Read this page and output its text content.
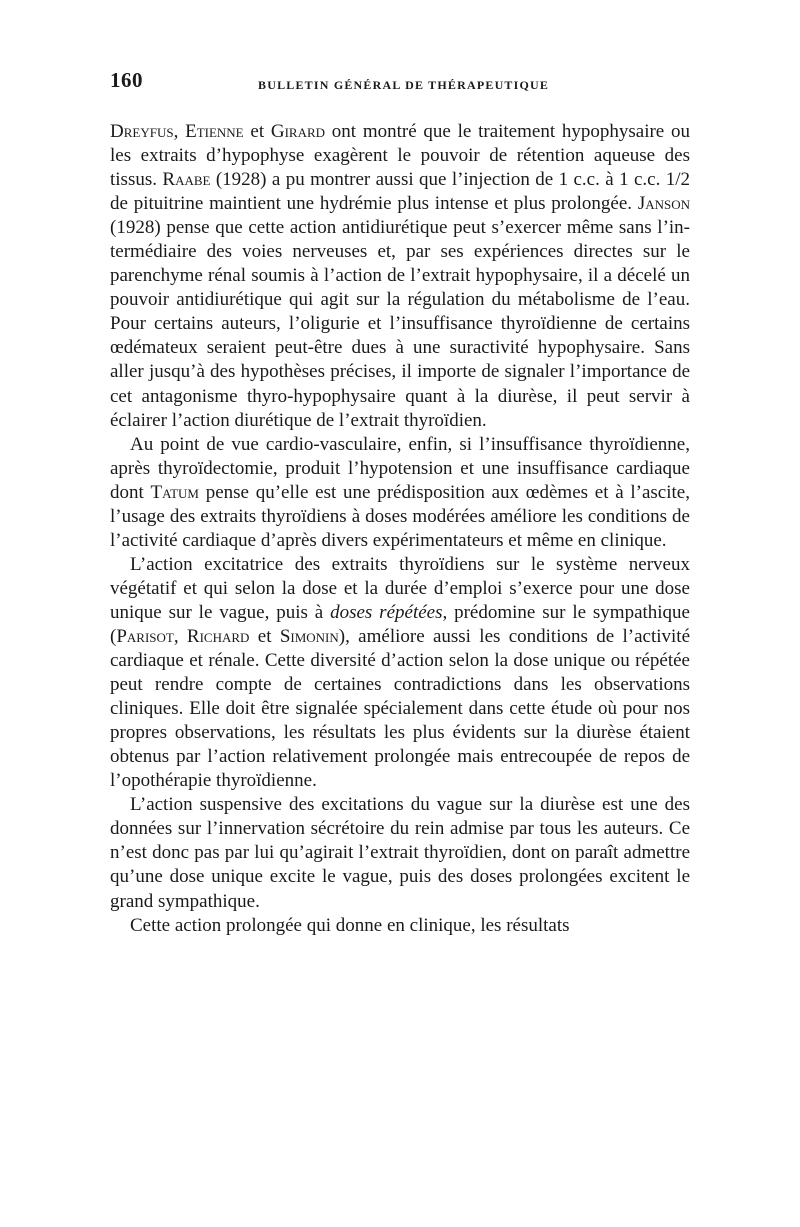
160	BULLETIN GÉNÉRAL DE THÉRAPEUTIQUE

Dreyfus, Etienne et Girard ont montré que le traitement hypophysaire ou les extraits d’hypophyse exagèrent le pouvoir de rétention aqueuse des tissus. Raabe (1928) a pu montrer aussi que l’injection de 1 c.c. à 1 c.c. 1/2 de pituitrine maintient une hydrémie plus intense et plus prolongée. Janson (1928) pense que cette action antidiurétique peut s’exercer même sans l’intermédiaire des voies nerveuses et, par ses expériences directes sur le parenchyme rénal soumis à l’action de l’extrait hypophysaire, il a décelé un pouvoir antidiurétique qui agit sur la régulation du métabolisme de l’eau. Pour certains auteurs, l’oligurie et l’insuffisance thyroïdienne de certains œdémateux seraient peut-être dues à une suractivité hypophysaire. Sans aller jusqu’à des hypothèses précises, il importe de signaler l’importance de cet antagonisme thyro-hypophysaire quant à la diurèse, il peut servir à éclairer l’action diurétique de l’extrait thyroïdien.

Au point de vue cardio-vasculaire, enfin, si l’insuffisance thyroïdienne, après thyroïdectomie, produit l’hypotension et une insuffisance cardiaque dont Tatum pense qu’elle est une prédisposition aux œdèmes et à l’ascite, l’usage des extraits thyroïdiens à doses modérées améliore les conditions de l’activité cardiaque d’après divers expérimentateurs et même en clinique.

L’action excitatrice des extraits thyroïdiens sur le système nerveux végétatif et qui selon la dose et la durée d’emploi s’exerce pour une dose unique sur le vague, puis à doses répétées, prédomine sur le sympathique (Parisot, Richard et Simonin), améliore aussi les conditions de l’activité cardiaque et rénale. Cette diversité d’action selon la dose unique ou répétée peut rendre compte de certaines contradictions dans les observations cliniques. Elle doit être signalée spécialement dans cette étude où pour nos propres observations, les résultats les plus évidents sur la diurèse étaient obtenus par l’action relativement prolongée mais entrecoupée de repos de l’opothérapie thyroïdienne.

L’action suspensive des excitations du vague sur la diurèse est une des données sur l’innervation sécrétoire du rein admise par tous les auteurs. Ce n’est donc pas par lui qu’agirait l’extrait thyroïdien, dont on paraît admettre qu’une dose unique excite le vague, puis des doses prolongées excitent le grand sympathique.

Cette action prolongée qui donne en clinique, les résultats
